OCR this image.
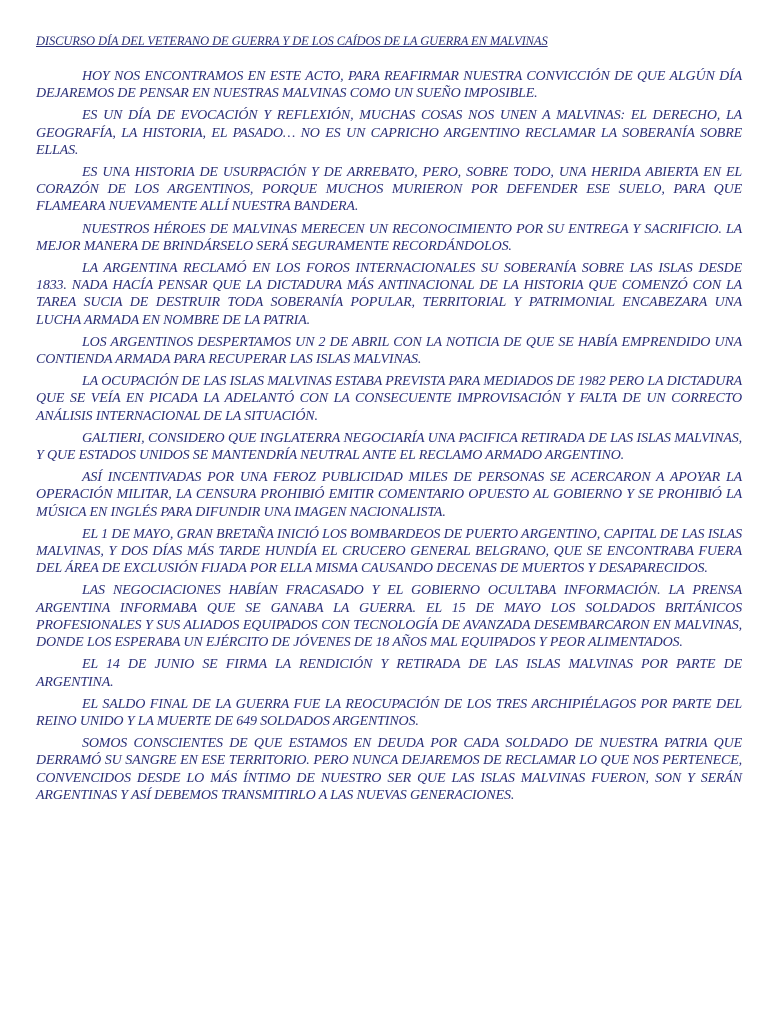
DISCURSO DÍA DEL VETERANO DE GUERRA Y DE LOS CAÍDOS DE LA GUERRA EN MALVINAS

HOY NOS ENCONTRAMOS EN ESTE ACTO, PARA REAFIRMAR NUESTRA CONVICCIÓN DE QUE ALGÚN DÍA DEJAREMOS DE PENSAR EN NUESTRAS MALVINAS COMO UN SUEÑO IMPOSIBLE.

ES UN DÍA DE EVOCACIÓN Y REFLEXIÓN, MUCHAS COSAS NOS UNEN A MALVINAS: EL DERECHO, LA GEOGRAFÍA, LA HISTORIA, EL PASADO… NO ES UN CAPRICHO ARGENTINO RECLAMAR LA SOBERANÍA SOBRE ELLAS.

ES UNA HISTORIA DE USURPACIÓN Y DE ARREBATO, PERO, SOBRE TODO, UNA HERIDA ABIERTA EN EL CORAZÓN DE LOS ARGENTINOS, PORQUE MUCHOS MURIERON POR DEFENDER ESE SUELO, PARA QUE FLAMEARA NUEVAMENTE ALLÍ NUESTRA BANDERA.

NUESTROS HÉROES DE MALVINAS MERECEN UN RECONOCIMIENTO POR SU ENTREGA Y SACRIFICIO. LA MEJOR MANERA DE BRINDÁRSELO SERÁ SEGURAMENTE RECORDÁNDOLOS.

LA ARGENTINA RECLAMÓ EN LOS FOROS INTERNACIONALES SU SOBERANÍA SOBRE LAS ISLAS DESDE 1833. NADA HACÍA PENSAR QUE LA DICTADURA MÁS ANTINACIONAL DE LA HISTORIA QUE COMENZÓ CON LA TAREA SUCIA DE DESTRUIR TODA SOBERANÍA POPULAR, TERRITORIAL Y PATRIMONIAL ENCABEZARA UNA LUCHA ARMADA EN NOMBRE DE LA PATRIA.

LOS ARGENTINOS DESPERTAMOS UN 2 DE ABRIL CON LA NOTICIA DE QUE SE HABÍA EMPRENDIDO UNA CONTIENDA ARMADA PARA RECUPERAR LAS ISLAS MALVINAS.

LA OCUPACIÓN DE LAS ISLAS MALVINAS ESTABA PREVISTA PARA MEDIADOS DE 1982 PERO LA DICTADURA QUE SE VEÍA EN PICADA LA ADELANTÓ CON LA CONSECUENTE IMPROVISACIÓN Y FALTA DE UN CORRECTO ANÁLISIS INTERNACIONAL DE LA SITUACIÓN.

GALTIERI, CONSIDERO QUE INGLATERRA NEGOCIARÍA UNA PACIFICA RETIRADA DE LAS ISLAS MALVINAS, Y QUE ESTADOS UNIDOS SE MANTENDRÍA NEUTRAL ANTE EL RECLAMO ARMADO ARGENTINO.

ASÍ INCENTIVADAS POR UNA FEROZ PUBLICIDAD MILES DE PERSONAS SE ACERCARON A APOYAR LA OPERACIÓN MILITAR, LA CENSURA PROHIBIÓ EMITIR COMENTARIO OPUESTO AL GOBIERNO Y SE PROHIBIÓ LA MÚSICA EN INGLÉS PARA DIFUNDIR UNA IMAGEN NACIONALISTA.

EL 1 DE MAYO, GRAN BRETAÑA INICIÓ LOS BOMBARDEOS DE PUERTO ARGENTINO, CAPITAL DE LAS ISLAS MALVINAS, Y DOS DÍAS MÁS TARDE HUNDÍA EL CRUCERO GENERAL BELGRANO, QUE SE ENCONTRABA FUERA DEL ÁREA DE EXCLUSIÓN FIJADA POR ELLA MISMA CAUSANDO DECENAS DE MUERTOS Y DESAPARECIDOS.

LAS NEGOCIACIONES HABÍAN FRACASADO Y EL GOBIERNO OCULTABA INFORMACIÓN. LA PRENSA ARGENTINA INFORMABA QUE SE GANABA LA GUERRA. EL 15 DE MAYO LOS SOLDADOS BRITÁNICOS PROFESIONALES Y SUS ALIADOS EQUIPADOS CON TECNOLOGÍA DE AVANZADA DESEMBARCARON EN MALVINAS, DONDE LOS ESPERABA UN EJÉRCITO DE JÓVENES DE 18 AÑOS MAL EQUIPADOS Y PEOR ALIMENTADOS.

EL 14 DE JUNIO SE FIRMA LA RENDICIÓN Y RETIRADA DE LAS ISLAS MALVINAS POR PARTE DE ARGENTINA.

EL SALDO FINAL DE LA GUERRA FUE LA REOCUPACIÓN DE LOS TRES ARCHIPIÉLAGOS POR PARTE DEL REINO UNIDO Y LA MUERTE DE 649 SOLDADOS ARGENTINOS.

SOMOS CONSCIENTES DE QUE ESTAMOS EN DEUDA POR CADA SOLDADO DE NUESTRA PATRIA QUE DERRAMÓ SU SANGRE EN ESE TERRITORIO. PERO NUNCA DEJAREMOS DE RECLAMAR LO QUE NOS PERTENECE, CONVENCIDOS DESDE LO MÁS ÍNTIMO DE NUESTRO SER QUE LAS ISLAS MALVINAS FUERON, SON Y SERÁN ARGENTINAS Y ASÍ DEBEMOS TRANSMITIRLO A LAS NUEVAS GENERACIONES.
